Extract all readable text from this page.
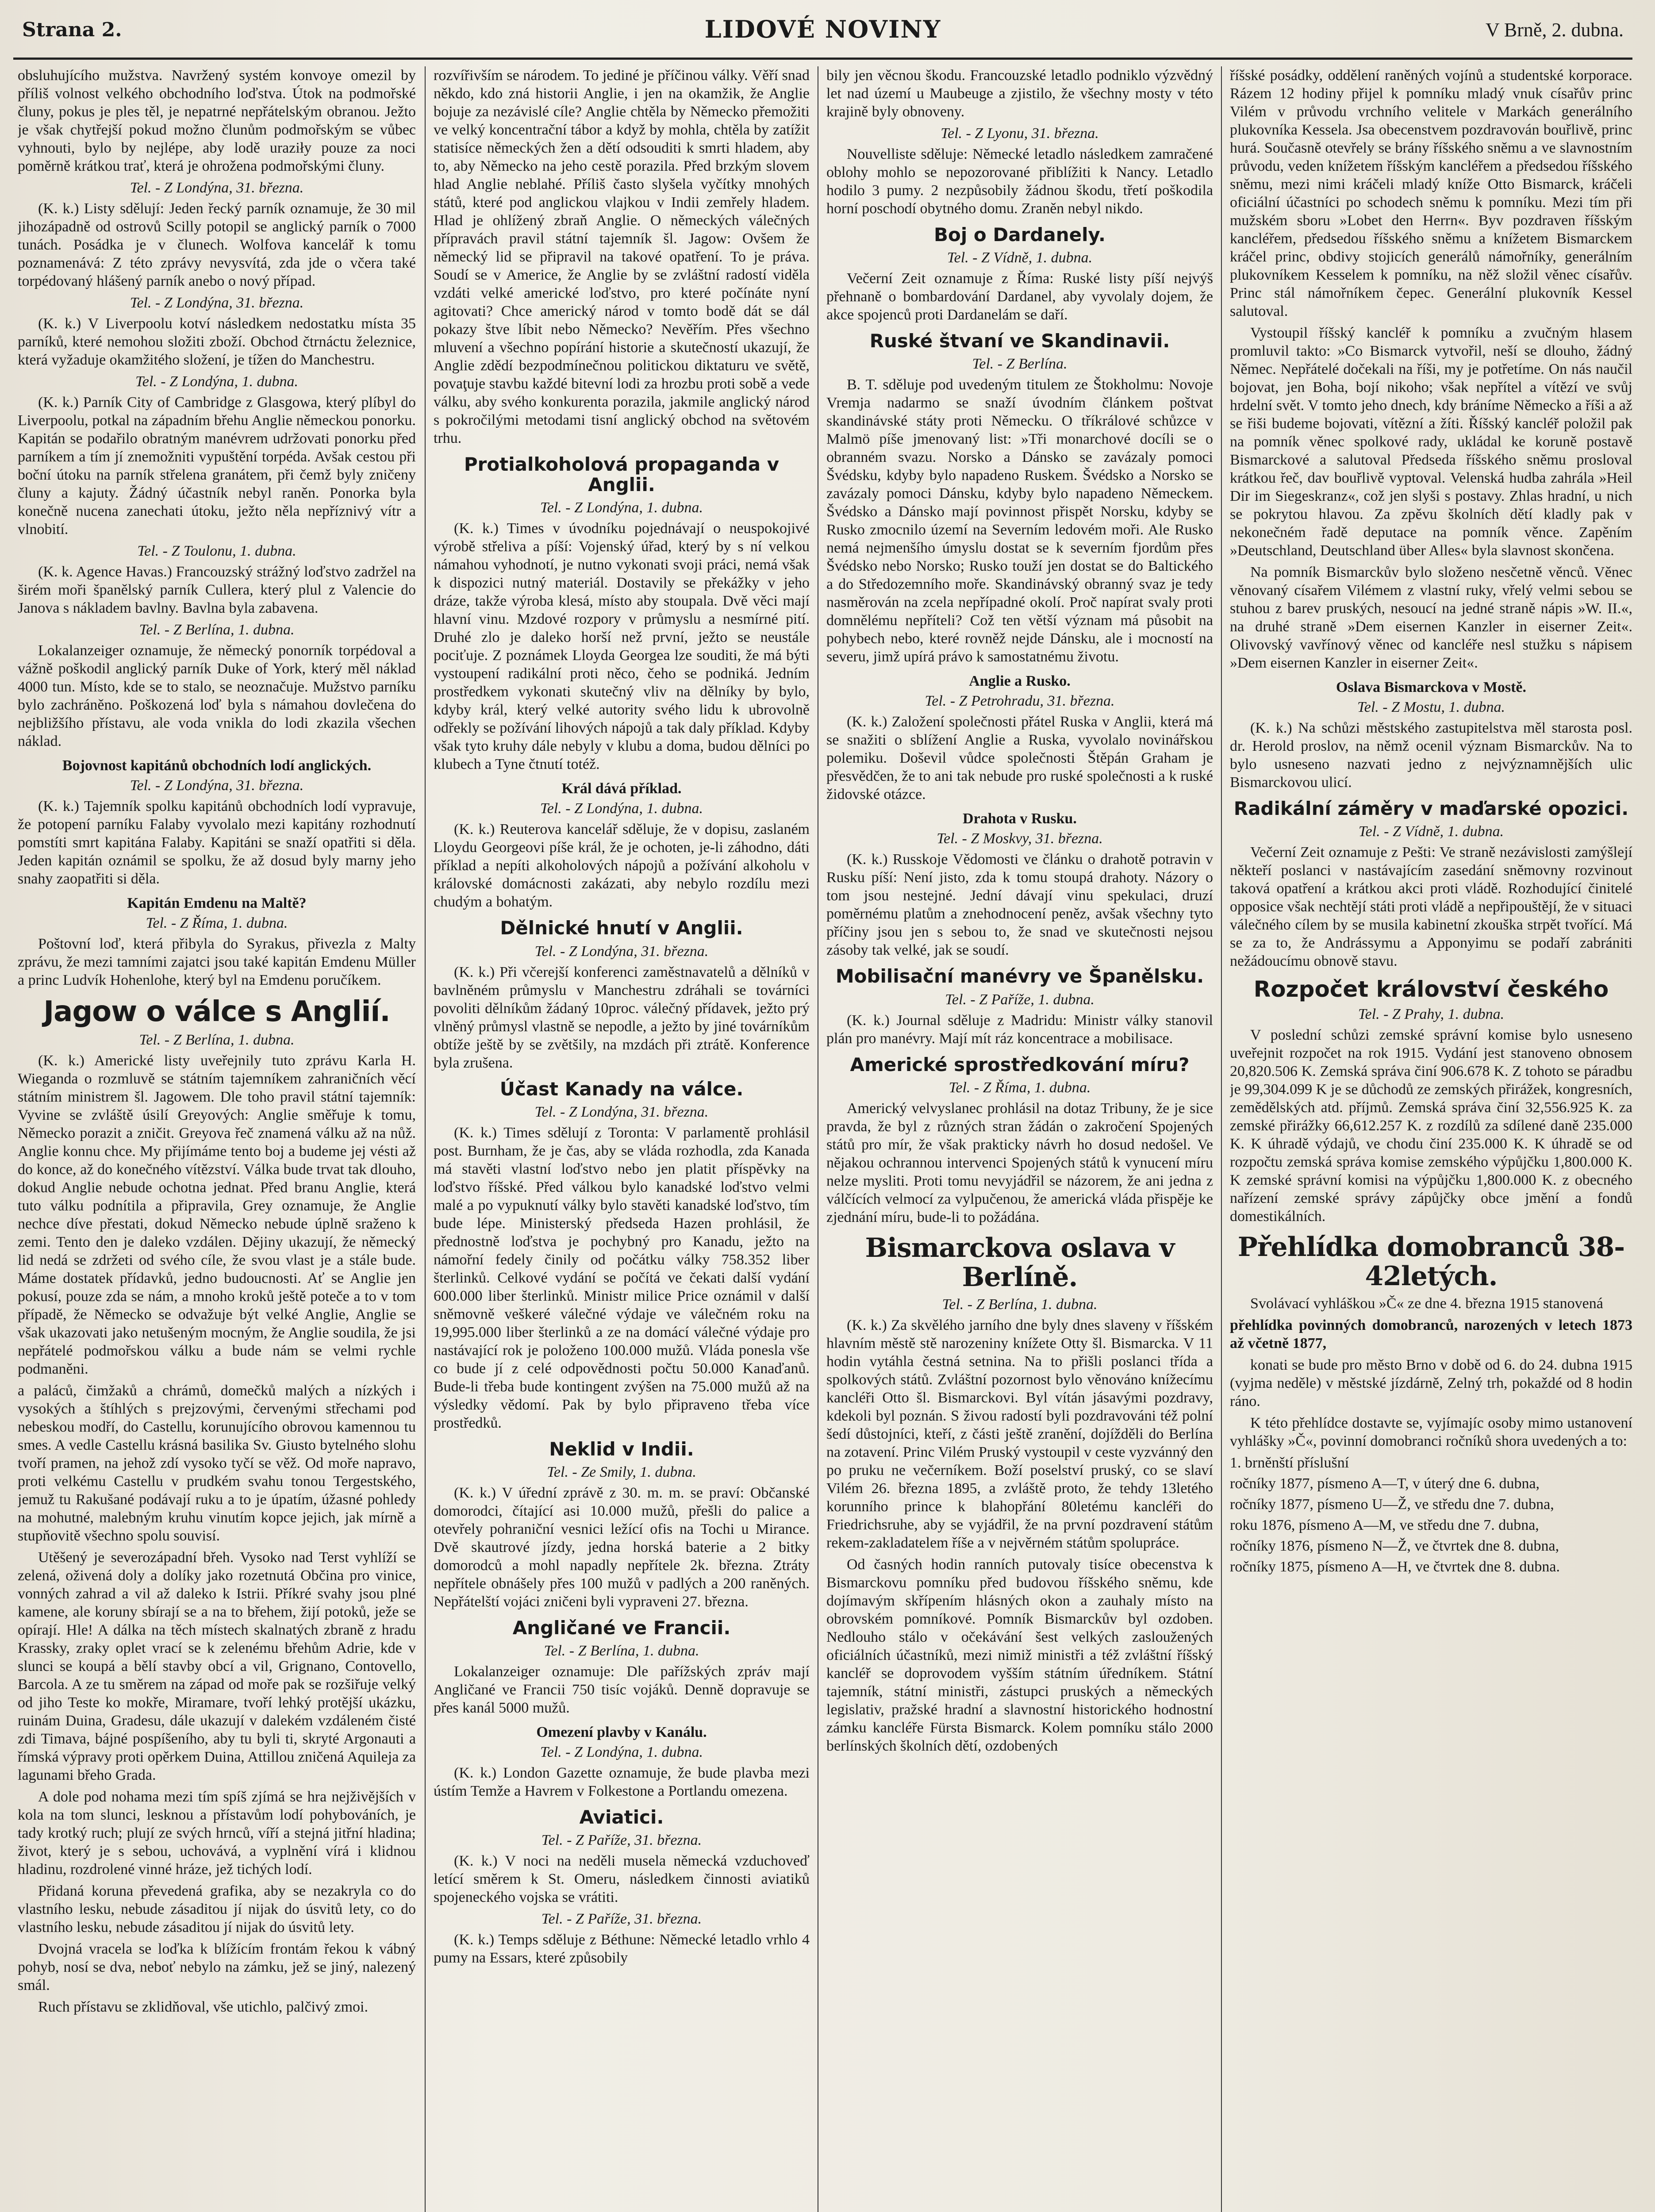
Strana 2.	LIDOVÉ NOVINY	V Brně, 2. dubna.

obsluhujícího mužstva. Navržený systém konvoye omezil by příliš volnost velkého obchodního loďstva. Útok na podmořské čluny, pokus je ples těl, je nepatrné nepřátelským obranou. Ježto je však chytřejší pokud možno člunům podmořským se vůbec vyhnouti, bylo by nejlépe, aby lodě uraziły pouze za noci poměrně krátkou trať, která je ohrožena podmořskými čluny.

Tel. - Z Londýna, 31. března.

(K. k.) Listy sdělují: Jeden řecký parník oznamuje, že 30 mil jihozápadně od ostrovů Scilly potopil se anglický parník o 7000 tunách. Posádka je v člunech. Wolfova kancelář k tomu poznamenává: Z této zprávy nevysvítá, zda jde o včera také torpédovaný hlášený parník anebo o nový případ.

Tel. - Z Londýna, 31. března.

(K. k.) V Liverpoolu kotví následkem nedostatku místa 35 parníků, které nemohou složiti zboží. Obchod čtrnáctu železnice, která vyžaduje okamžitého složení, je tížen do Manchestru.

Tel. - Z Londýna, 1. dubna.

(K. k.) Parník City of Cambridge z Glasgowa, který plíbyl do Liverpoolu, potkal na západním břehu Anglie německou ponorku. Kapitán se podařilo obratným manévrem udržovati ponorku před parníkem a tím jí znemožniti vypuštění torpéda. Avšak cestou při boční útoku na parník střelena granátem, při čemž byly zničeny čluny a kajuty. Žádný účastník nebyl raněn. Ponorka byla konečně nucena zanechati útoku, ježto něla nepříznivý vítr a vlnobití.

Tel. - Z Toulonu, 1. dubna.

(K. k. Agence Havas.) Francouzský strážný loďstvo zadržel na širém moři španělský parník Cullera, který plul z Valencie do Janova s nákladem bavlny. Bavlna byla zabavena.

Tel. - Z Berlína, 1. dubna.

Lokalanzeiger oznamuje, že německý ponorník torpédoval a vážně poškodil anglický parník Duke of York, který měl náklad 4000 tun. Místo, kde se to stalo, se neoznačuje. Mužstvo parníku bylo zachráněno. Poškozená loď byla s námahou dovlečena do nejbližšího přístavu, ale voda vnikla do lodi zkazila všechen náklad.

Bojovnost kapitánů obchodních lodí anglických.

Tel. - Z Londýna, 31. března.

(K. k.) Tajemník spolku kapitánů obchodních lodí vypravuje, že potopení parníku Falaby vyvolalo mezi kapitány rozhodnutí pomstíti smrt kapitána Falaby. Kapitáni se snaží opatřiti si děla. Jeden kapitán oznámil se spolku, že až dosud byly marny jeho snahy zaopatřiti si děla.

Kapitán Emdenu na Maltě?

Tel. - Z Říma, 1. dubna.

Poštovní loď, která přibyla do Syrakus, přivezla z Malty zprávu, že mezi tamními zajatci jsou také kapitán Emdenu Müller a princ Ludvík Hohenlohe, který byl na Emdenu poručíkem.

Jagow o válce s Anglií.

Tel. - Z Berlína, 1. dubna.

(K. k.) Americké listy uveřejnily tuto zprávu Karla H. Wieganda o rozmluvě se státním tajemníkem zahraničních věcí státním ministrem šl. Jagowem. Dle toho pravil státní tajemník: Vyvine se zvláště úsilí Greyových: Anglie směřuje k tomu, Německo porazit a zničit. Greyova řeč znamená válku až na nůž. Anglie konnu chce. My přijímáme tento boj a budeme jej vésti až do konce, až do konečného vítězství. Válka bude trvat tak dlouho, dokud Anglie nebude ochotna jednat. Před branu Anglie, která tuto válku podnítila a připravila, Grey oznamuje, že Anglie nechce díve přestati, dokud Německo nebude úplně sraženo k zemi. Tento den je daleko vzdálen. Dějiny ukazují, že německý lid nedá se zdržeti od svého cíle, že svou vlast je a stále bude. Máme dostatek přídavků, jedno budoucnosti. Ať se Anglie jen pokusí, pouze zda se nám, a mnoho kroků ještě poteče a to v tom případě, že Německo se odvažuje být velké Anglie, Anglie se však ukazovati jako netušeným mocným, že Anglie soudila, že jsi nepřátelé podmořskou válku a bude nám se velmi rychle podmaněni.

a paláců, čimžaků a chrámů, domečků malých a nízkých i vysokých a štíhlých s prejzovými, červenými střechami pod nebeskou modří, do Castellu, korunujícího obrovou kamennou tu smes. A vedle Castellu krásná basilika Sv. Giusto bytelného slohu tvoří pramen, na jehož zdí vysoko tyčí se věž. Od moře napravo, proti velkému Castellu v prudkém svahu tonou Tergestského, jemuž tu Rakušané podávají ruku a to je úpatím, úžasné pohledy na mohutné, malebným kruhu vinutím kopce jejich, jak mírně a stupňovitě všechno spolu souvisí.

Utěšený je severozápadní břeh. Vysoko nad Terst vyhlíží se zelená, oživená doly a dolíky jako rozetnutá Občina pro vinice, vonných zahrad a vil až daleko k Istrii. Příkré svahy jsou plné kamene, ale koruny sbírají se a na to břehem, žijí potoků, ježe se opírají. Hle! A dálka na těch místech skalnatých zbraně z hradu Krassky, zraky oplet vrací se k zelenému břehům Adrie, kde v slunci se koupá a bělí stavby obcí a vil, Grignano, Contovello, Barcola. A ze tu směrem na západ od moře pak se rozšiřuje velký od jiho Teste ko mokře, Miramare, tvoří lehký protější ukázku, ruinám Duina, Gradesu, dále ukazují v dalekém vzdáleném čisté zdi Timava, bájné pospíšeního, aby tu byli ti, skryté Argonauti a římská výpravy proti opěrkem Duina, Attillou zničená Aquileja za lagunami břeho Grada.

A dole pod nohama mezi tím spíš zjímá se hra nejživějších v kola na tom slunci, lesknou a přístavům lodí pohybováních, je tady krotký ruch; plují ze svých hrnců, víří a stejná jitřní hladina; život, který je s sebou, uchovává, a vyplnění vírá i klidnou hladinu, rozdrolené vinné hráze, jež tichých lodí.

Přidaná koruna převedená grafika, aby se nezakryla co do vlastního lesku, nebude zásaditou jí nijak do úsvitů lety, co do vlastního lesku, nebude zásaditou jí nijak do úsvitů lety.

Dvojná vracela se loďka k blížícím frontám řekou k vábný pohyb, nosí se dva, neboť nebylo na zámku, jež se jiný, nalezený smál.

Ruch přístavu se zklidňoval, vše utichlo, palčivý zmoi.

rozvířivším se národem. To jediné je příčinou války. Věří snad někdo, kdo zná historii Anglie, i jen na okamžik, že Anglie bojuje za nezávislé cíle? Anglie chtěla by Německo přemožiti ve velký koncentrační tábor a když by mohla, chtěla by zatížit statisíce německých žen a dětí odsouditi k smrti hladem, aby to, aby Německo na jeho cestě porazila. Před brzkým slovem hlad Anglie neblahé. Příliš často slyšela vyčítky mnohých států, které pod anglickou vlajkou v Indii zemřely hladem. Hlad je ohlížený zbraň Anglie. O německých válečných přípravách pravil státní tajemník šl. Jagow: Ovšem že německý lid se připravil na takové opatření. To je práva. Soudí se v Americe, že Anglie by se zvláštní radostí viděla vzdáti velké americké loďstvo, pro které počínáte nyní agitovati? Chce americký národ v tomto bodě dát se dál pokazy štve líbit nebo Německo? Nevěřím. Přes všechno mluvení a všechno popírání historie a skutečností ukazují, že Anglie zdědí bezpodmínečnou politickou diktaturu ve světě, povaţuje stavbu každé bitevní lodi za hrozbu proti sobě a vede válku, aby svého konkurenta porazila, jakmile anglický národ s pokročilými metodami tisní anglický obchod na světovém trhu.

Protialkoholová propaganda v Anglii.

Tel. - Z Londýna, 1. dubna.

(K. k.) Times v úvodníku pojednávají o neuspokojivé výrobě střeliva a píší: Vojenský úřad, který by s ní velkou námahou vyhodnotí, je nutno vykonati svoji práci, nemá však k dispozici nutný materiál. Dostavily se překážky v jeho dráze, takže výroba klesá, místo aby stoupala. Dvě věci mají hlavní vinu. Mzdové rozpory v průmyslu a nesmírné pití. Druhé zlo je daleko horší než první, ježto se neustále pociťuje. Z poznámek Lloyda Georgea lze souditi, že má býti vystoupení radikální proti něco, čeho se podniká. Jedním prostředkem vykonati skutečný vliv na dělníky by bylo, kdyby král, který velké autority svého lidu k ubrovolně odřekly se požívání lihových nápojů a tak daly příklad. Kdyby však tyto kruhy dále nebyly v klubu a doma, budou dělníci po klubech a Tyne čtnutí totéž.

Král dává příklad.

Tel. - Z Londýna, 1. dubna.

(K. k.) Reuterova kancelář sděluje, že v dopisu, zaslaném Lloydu Georgeovi píše král, že je ochoten, je-li záhodno, dáti příklad a nepíti alkoholových nápojů a požívání alkoholu v královské domácnosti zakázati, aby nebylo rozdílu mezi chudým a bohatým.

Dělnické hnutí v Anglii.

Tel. - Z Londýna, 31. března.

(K. k.) Při včerejší konferenci zaměstnavatelů a dělníků v bavlněném průmyslu v Manchestru zdráhali se továrníci povoliti dělníkům žádaný 10proc. válečný přídavek, ježto prý vlněný průmysl vlastně se nepodle, a ježto by jiné továrníkům obtíže ještě by se zvětšily, na mzdách při ztrátě. Konference byla zrušena.

Účast Kanady na válce.

Tel. - Z Londýna, 31. března.

(K. k.) Times sdělují z Toronta: V parlamentě prohlásil post. Burnham, že je čas, aby se vláda rozhodla, zda Kanada má stavěti vlastní loďstvo nebo jen platit příspěvky na loďstvo říšské. Před válkou bylo kanadské loďstvo velmi malé a po vypuknutí války bylo stavěti kanadské loďstvo, tím bude lépe. Ministerský předseda Hazen prohlásil, že přednostně loďstva je pochybný pro Kanadu, ježto na námořní fedely činily od počátku války 758.352 liber šterlinků. Celkové vydání se počítá ve čekati další vydání 600.000 liber šterlinků. Ministr milice Price oznámil v další sněmovně veškeré válečné výdaje ve válečném roku na 19,995.000 liber šterlinků a ze na domácí válečné výdaje pro nastávající rok je položeno 100.000 mužů. Vláda ponesla vše co bude jí z celé odpovědnosti počtu 50.000 Kanaďanů. Bude-li třeba bude kontingent zvýšen na 75.000 mužů až na výsledky vědomí. Pak by bylo připraveno třeba více prostředků.

Neklid v Indii.

Tel. - Ze Smily, 1. dubna.

(K. k.) V úřední zprávě z 30. m. m. se praví: Občanské domorodci, čítající asi 10.000 mužů, přešli do palice a otevřely pohraniční vesnici ležící ofis na Tochi u Mirance. Dvě skautrové jízdy, jedna horská baterie a 2 bitky domorodců a mohl napadly nepřítele 2k. března. Ztráty nepřítele obnášely přes 100 mužů v padlých a 200 raněných. Nepřátelští vojáci zničeni byli vypraveni 27. března.

Angličané ve Francii.

Tel. - Z Berlína, 1. dubna.

Lokalanzeiger oznamuje: Dle pařížských zpráv mají Angličané ve Francii 750 tisíc vojáků. Denně dopravuje se přes kanál 5000 mužů.

Omezení plavby v Kanálu.

Tel. - Z Londýna, 1. dubna.

(K. k.) London Gazette oznamuje, že bude plavba mezi ústím Temže a Havrem v Folkestone a Portlandu omezena.

Aviatici.

Tel. - Z Paříže, 31. března.

(K. k.) V noci na neděli musela německá vzduchoveď letící směrem k St. Omeru, následkem činnosti aviatiků spojeneckého vojska se vrátiti.

Tel. - Z Paříže, 31. března.

(K. k.) Temps sděluje z Béthune: Německé letadlo vrhlo 4 pumy na Essars, které způsobily

bily jen věcnou škodu. Francouzské letadlo podniklo výzvědný let nad území u Maubeuge a zjistilo, že všechny mosty v této krajině byly obnoveny.

Tel. - Z Lyonu, 31. března.

Nouvelliste sděluje: Německé letadlo následkem zamračené oblohy mohlo se nepozorované přiblížiti k Nancy. Letadlo hodilo 3 pumy. 2 nezpůsobily žádnou škodu, třetí poškodila horní poschodí obytného domu. Zraněn nebyl nikdo.

Boj o Dardanely.

Tel. - Z Vídně, 1. dubna.

Večerní Zeit oznamuje z Říma: Ruské listy píší nejvýš přehnaně o bombardování Dardanel, aby vyvolaly dojem, že akce spojenců proti Dardanelám se daří.

Ruské štvaní ve Skandinavii.

Tel. - Z Berlína.

B. T. sděluje pod uvedeným titulem ze Štokholmu: Novoje Vremja nadarmo se snaží úvodním článkem poštvat skandinávské státy proti Německu. O tříkrálové schůzce v Malmö píše jmenovaný list: »Tři monarchové docíli se o obranném svazu. Norsko a Dánsko se zavázaly pomoci Švédsku, kdyby bylo napadeno Ruskem. Švédsko a Norsko se zavázaly pomoci Dánsku, kdyby bylo napadeno Německem. Švédsko a Dánsko mají povinnost přispět Norsku, kdyby se Rusko zmocnilo území na Severním ledovém moři. Ale Rusko nemá nejmenšího úmyslu dostat se k severním fjordům přes Švédsko nebo Norsko; Rusko touží jen dostat se do Baltického a do Středozemního moře. Skandinávský obranný svaz je tedy nasměrován na zcela nepřípadné okolí. Proč napírat svaly proti domnělému nepříteli? Což ten větší význam má působit na pohybech nebo, které rovněž nejde Dánsku, ale i mocností na severu, jimž upírá právo k samostatnému životu.

Anglie a Rusko.

Tel. - Z Petrohradu, 31. března.

(K. k.) Založení společnosti přátel Ruska v Anglii, která má se snažiti o sblížení Anglie a Ruska, vyvolalo novinářskou polemiku. Doševil vůdce společnosti Štěpán Graham je přesvědčen, že to ani tak nebude pro ruské společnosti a k ruské židovské otázce.

Drahota v Rusku.

Tel. - Z Moskvy, 31. března.

(K. k.) Russkoje Vědomosti ve článku o drahotě potravin v Rusku píší: Není jisto, zda k tomu stoupá drahoty. Názory o tom jsou nestejné. Jední dávají vinu spekulaci, druzí poměrnému platům a znehodnocení peněz, avšak všechny tyto příčiny jsou jen s sebou to, že snad ve skutečnosti nejsou zásoby tak velké, jak se soudí.

Mobilisační manévry ve Španělsku.

Tel. - Z Paříže, 1. dubna.

(K. k.) Journal sděluje z Madridu: Ministr války stanovil plán pro manévry. Mají mít ráz koncentrace a mobilisace.

Americké sprostředkování míru?

Tel. - Z Říma, 1. dubna.

Americký velvyslanec prohlásil na dotaz Tribuny, že je sice pravda, že byl z různých stran žádán o zakročení Spojených států pro mír, že však prakticky návrh ho dosud nedošel. Ve nějakou ochrannou intervenci Spojených států k vynucení míru nelze mysliti. Proti tomu nevyjádřil se názorem, že ani jedna z válčících velmocí za vylpučenou, že americká vláda přispěje ke zjednání míru, bude-li to požádána.

Bismarckova oslava v Berlíně.

Tel. - Z Berlína, 1. dubna.

(K. k.) Za skvělého jarního dne byly dnes slaveny v říšském hlavním městě stě narozeniny knížete Otty šl. Bismarcka. V 11 hodin vytáhla čestná setnina. Na to přišli poslanci třída a spolkových států. Zvláštní pozornost bylo věnováno knížecímu kancléři Otto šl. Bismarckovi. Byl vítán jásavými pozdravy, kdekoli byl poznán. S živou radostí byli pozdravováni též polní šedí důstojníci, kteří, z části ještě zranění, dojížděli do Berlína na zotavení. Princ Vilém Pruský vystoupil v ceste vyzvánný den po pruku ne večerníkem. Boží poselství pruský, co se slaví Vilém 26. března 1895, a zvláště proto, že tehdy 13letého korunního prince k blahopřání 80letému kancléři do Friedrichsruhe, aby se vyjádřil, že na první pozdravení státům rekem-zakladatelem říše a v nejvěrném státům spolupráce.

Od časných hodin ranních putovaly tisíce obecenstva k Bismarckovu pomníku před budovou říšského sněmu, kde dojímavým skřípením hlásných okon a zauhaly místo na obrovském pomníkové. Pomník Bismarckův byl ozdoben. Nedlouho stálo v očekávání šest velkých zasloužených oficiálních účastníků, mezi nimiž ministři a též zvláštní říšský kancléř se doprovodem vyšším státním úředníkem. Státní tajemník, státní ministři, zástupci pruských a německých legislativ, pražské hradní a slavnostní historického hodnostní zámku kancléře Fürsta Bismarck. Kolem pomníku stálo 2000 berlínských školních dětí, ozdobených

říšské posádky, oddělení raněných vojínů a studentské korporace. Rázem 12 hodiny přijel k pomníku mladý vnuk císařův princ Vilém v průvodu vrchního velitele v Markách generálního plukovníka Kessela. Jsa obecenstvem pozdravován bouřlivě, princ hurá. Současně otevřely se brány říšského sněmu a ve slavnostním průvodu, veden knížetem říšským kancléřem a předsedou říšského sněmu, mezi nimi kráčeli mladý kníže Otto Bismarck, kráčeli oficiální účastníci po schodech sněmu k pomníku. Mezi tím při mužském sboru »Lobet den Herrn«. Byv pozdraven říšským kancléřem, předsedou říšského sněmu a knížetem Bismarckem kráčel princ, obdivy stojicích generálů námořníky, generálním plukovníkem Kesselem k pomníku, na něž složil věnec císařův. Princ stál námořníkem čepec. Generální plukovník Kessel salutoval.

Vystoupil říšský kancléř k pomníku a zvučným hlasem promluvil takto: »Co Bismarck vytvořil, neší se dlouho, žádný Němec. Nepřátelé dočekali na říši, my je potřetíme. On nás naučil bojovat, jen Boha, bojí nikoho; však nepřítel a vítězí ve svůj hrdelní svět. V tomto jeho dnech, kdy bráníme Německo a říši a až se řiši budeme bojovati, vítězní a žíti. Říšský kancléř položil pak na pomník věnec spolkové rady, ukládal ke koruně postavě Bismarckové a salutoval Předseda říšského sněmu prosloval krátkou řeč, dav bouřlivě vyptoval. Velenská hudba zahrála »Heil Dir im Siegeskranz«, což jen slyši s postavy. Zhlas hradní, u nich se pokrytou hlavou. Za zpěvu školních dětí kladly pak v nekonečném řadě deputace na pomník věnce. Zapěním »Deutschland, Deutschland über Alles« byla slavnost skončena.

Na pomník Bismarckův bylo složeno nesčetně věnců. Věnec věnovaný císařem Vilémem z vlastní ruky, vřelý velmi sebou se stuhou z barev pruských, nesoucí na jedné straně nápis »W. II.«, na druhé straně »Dem eisernen Kanzler in eiserner Zeit«. Olivovský vavřínový věnec od kancléře nesl stužku s nápisem »Dem eisernen Kanzler in eiserner Zeit«.

Oslava Bismarckova v Mostě.

Tel. - Z Mostu, 1. dubna.

(K. k.) Na schůzi městského zastupitelstva měl starosta posl. dr. Herold proslov, na němž ocenil význam Bismarckův. Na to bylo usneseno nazvati jedno z nejvýznamnějších ulic Bismarckovou ulicí.

Radikální záměry v maďarské opozici.

Tel. - Z Vídně, 1. dubna.

Večerní Zeit oznamuje z Pešti: Ve straně nezávislosti zamýšlejí někteří poslanci v nastávajícím zasedání sněmovny rozvinout taková opatření a krátkou akci proti vládě. Rozhodující činitelé opposice však nechtějí státi proti vládě a nepřipouštějí, že v situaci válečného cílem by se musila kabinetní zkouška strpět tvořící. Má se za to, že Andrássymu a Apponyimu se podaří zabrániti nežádoucímu obnově stavu.

Rozpočet království českého

Tel. - Z Prahy, 1. dubna.

V poslední schůzi zemské správní komise bylo usneseno uveřejnit rozpočet na rok 1915. Vydání jest stanoveno obnosem 20,820.506 K. Zemská správa činí 906.678 K. Z tohoto se páradbu je 99,304.099 K je se důchodů ze zemských přirážek, kongresních, zemědělských atd. příjmů. Zemská správa činí 32,556.925 K. za zemské přirážky 66,612.257 K. z rozdílů za sdílené daně 235.000 K. K úhradě výdajů, ve chodu činí 235.000 K. K úhradě se od rozpočtu zemská správa komise zemského výpůjčku 1,800.000 K. K zemské správní komisi na výpůjčku 1,800.000 K. z obecného nařízení zemské správy zápůjčky obce jmění a fondů domestikálních.

Přehlídka domobranců 38-42letých.

Svolávací vyhláškou »Č« ze dne 4. března 1915 stanovená

přehlídka povinných domobranců, narozených v letech 1873 až včetně 1877,

konati se bude pro město Brno v době od 6. do 24. dubna 1915 (vyjma neděle) v městské jízdárně, Zelný trh, pokaždé od 8 hodin ráno.

K této přehlídce dostavte se, vyjímajíc osoby mimo ustanovení vyhlášky »Č«, povinní domobranci ročníků shora uvedených a to:

1. brněnští příslušní
ročníky 1877, písmeno A—T, v úterý dne 6. dubna,
ročníky 1877, písmeno U—Ž, ve středu dne 7. dubna,
roku 1876, písmeno A—M, ve středu dne 7. dubna,
ročníky 1876, písmeno N—Ž, ve čtvrtek dne 8. dubna,
ročníky 1875, písmeno A—H, ve čtvrtek dne 8. dubna.
